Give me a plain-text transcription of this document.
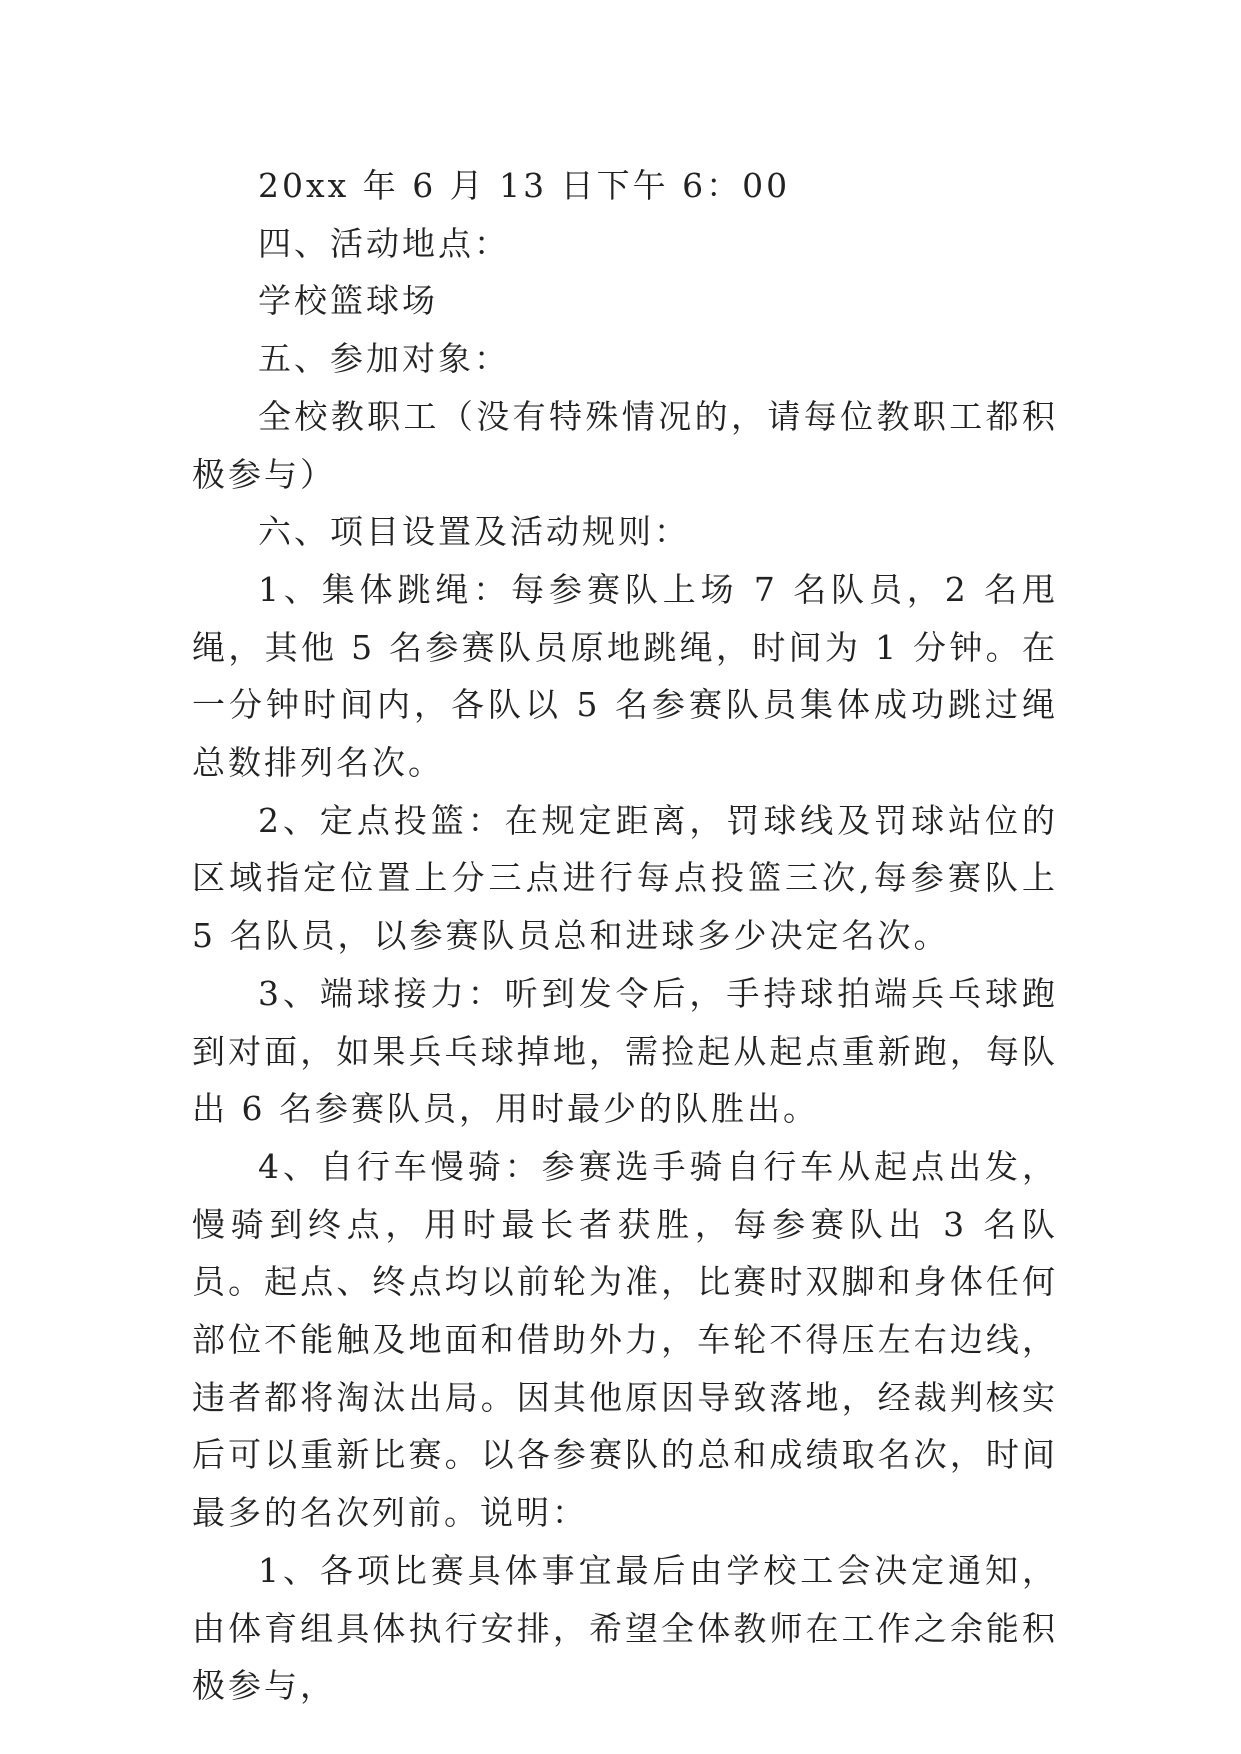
20xx 年 6 月 13 日下午 6：00

四、活动地点：

学校篮球场

五、参加对象：

全校教职工（没有特殊情况的，请每位教职工都积极参与）

六、项目设置及活动规则：

1、集体跳绳：每参赛队上场 7 名队员，2 名甩绳，其他 5 名参赛队员原地跳绳，时间为 1 分钟。在一分钟时间内，各队以 5 名参赛队员集体成功跳过绳总数排列名次。

2、定点投篮：在规定距离，罚球线及罚球站位的区域指定位置上分三点进行每点投篮三次,每参赛队上 5 名队员，以参赛队员总和进球多少决定名次。

3、端球接力：听到发令后，手持球拍端兵乓球跑到对面，如果兵乓球掉地，需捡起从起点重新跑，每队出 6 名参赛队员，用时最少的队胜出。

4、自行车慢骑：参赛选手骑自行车从起点出发，慢骑到终点，用时最长者获胜，每参赛队出 3 名队员。起点、终点均以前轮为准，比赛时双脚和身体任何部位不能触及地面和借助外力，车轮不得压左右边线，违者都将淘汰出局。因其他原因导致落地，经裁判核实后可以重新比赛。以各参赛队的总和成绩取名次，时间最多的名次列前。说明：

1、各项比赛具体事宜最后由学校工会决定通知，由体育组具体执行安排，希望全体教师在工作之余能积极参与，
